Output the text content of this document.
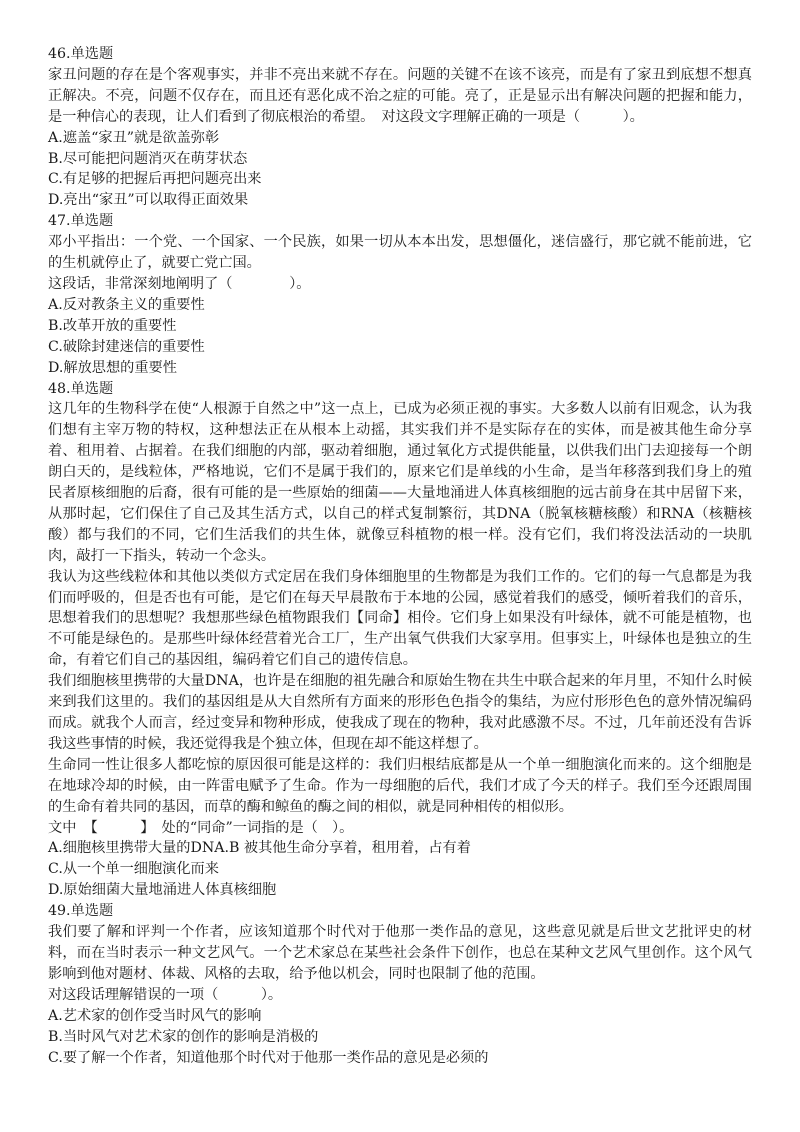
46.单选题

家丑问题的存在是个客观事实，并非不亮出来就不存在。问题的关键不在该不该亮，而是有了家丑到底想不想真正解决。不亮，问题不仅存在，而且还有恶化成不治之症的可能。亮了，正是显示出有解决问题的把握和能力，是一种信心的表现，让人们看到了彻底根治的希望。　对这段文字理解正确的一项是（　　　）。

A.遮盖“家丑”就是欲盖弥彰

B.尽可能把问题消灭在萌芽状态

C.有足够的把握后再把问题亮出来

D.亮出“家丑”可以取得正面效果

47.单选题

邓小平指出：一个党、一个国家、一个民族，如果一切从本本出发，思想僵化，迷信盛行，那它就不能前进，它的生机就停止了，就要亡党亡国。

这段话，非常深刻地阐明了（　　　　）。

A.反对教条主义的重要性

B.改革开放的重要性

C.破除封建迷信的重要性

D.解放思想的重要性

48.单选题

这几年的生物科学在使“人根源于自然之中”这一点上，已成为必须正视的事实。大多数人以前有旧观念，认为我们想有主宰万物的特权，这种想法正在从根本上动摇，其实我们并不是实际存在的实体，而是被其他生命分享着、租用着、占据着。在我们细胞的内部，驱动着细胞，通过氧化方式提供能量，以供我们出门去迎接每一个朗朗白天的，是线粒体，严格地说，它们不是属于我们的，原来它们是单线的小生命，是当年移落到我们身上的殖民者原核细胞的后裔，很有可能的是一些原始的细菌——大量地涌进人体真核细胞的远古前身在其中居留下来，从那时起，它们保住了自己及其生活方式，以自己的样式复制繁衍，其DNA（脱氧核糖核酸）和RNA（核糖核酸）都与我们的不同，它们生活我们的共生体，就像豆科植物的根一样。没有它们，我们将没法活动的一块肌肉，敲打一下指头，转动一个念头。

我认为这些线粒体和其他以类似方式定居在我们身体细胞里的生物都是为我们工作的。它们的每一气息都是为我们而呼吸的，但是否也有可能，是它们在每天早晨散布于本地的公园，感觉着我们的感受，倾听着我们的音乐，思想着我们的思想呢？我想那些绿色植物跟我们【同命】相伶。它们身上如果没有叶绿体，就不可能是植物，也不可能是绿色的。是那些叶绿体经营着光合工厂，生产出氧气供我们大家享用。但事实上，叶绿体也是独立的生命，有着它们自己的基因组，编码着它们自己的遗传信息。

我们细胞核里携带的大量DNA，也许是在细胞的祖先融合和原始生物在共生中联合起来的年月里，不知什么时候来到我们这里的。我们的基因组是从大自然所有方面来的形形色色指令的集结，为应付形形色色的意外情况编码而成。就我个人而言，经过变异和物种形成，使我成了现在的物种，我对此感激不尽。不过，几年前还没有告诉我这些事情的时候，我还觉得我是个独立体，但现在却不能这样想了。

生命同一性让很多人都吃惊的原因很可能是这样的：我们归根结底都是从一个单一细胞演化而来的。这个细胞是在地球冷却的时候，由一阵雷电赋予了生命。作为一母细胞的后代，我们才成了今天的样子。我们至今还跟周围的生命有着共同的基因，而草的酶和鲸鱼的酶之间的相似，就是同种相传的相似形。

文中　【　　　】　处的“同命”一词指的是（　）。

A.细胞核里携带大量的DNA.B 被其他生命分享着，租用着，占有着

C.从一个单一细胞演化而来

D.原始细菌大量地涌进人体真核细胞

49.单选题

我们要了解和评判一个作者，应该知道那个时代对于他那一类作品的意见，这些意见就是后世文艺批评史的材料，而在当时表示一种文艺风气。一个艺术家总在某些社会条件下创作，也总在某种文艺风气里创作。这个风气影响到他对题材、体裁、风格的去取，给予他以机会，同时也限制了他的范围。

对这段话理解错误的一项（　　　）。

A.艺术家的创作受当时风气的影响

B.当时风气对艺术家的创作的影响是消极的

C.要了解一个作者，知道他那个时代对于他那一类作品的意见是必须的
